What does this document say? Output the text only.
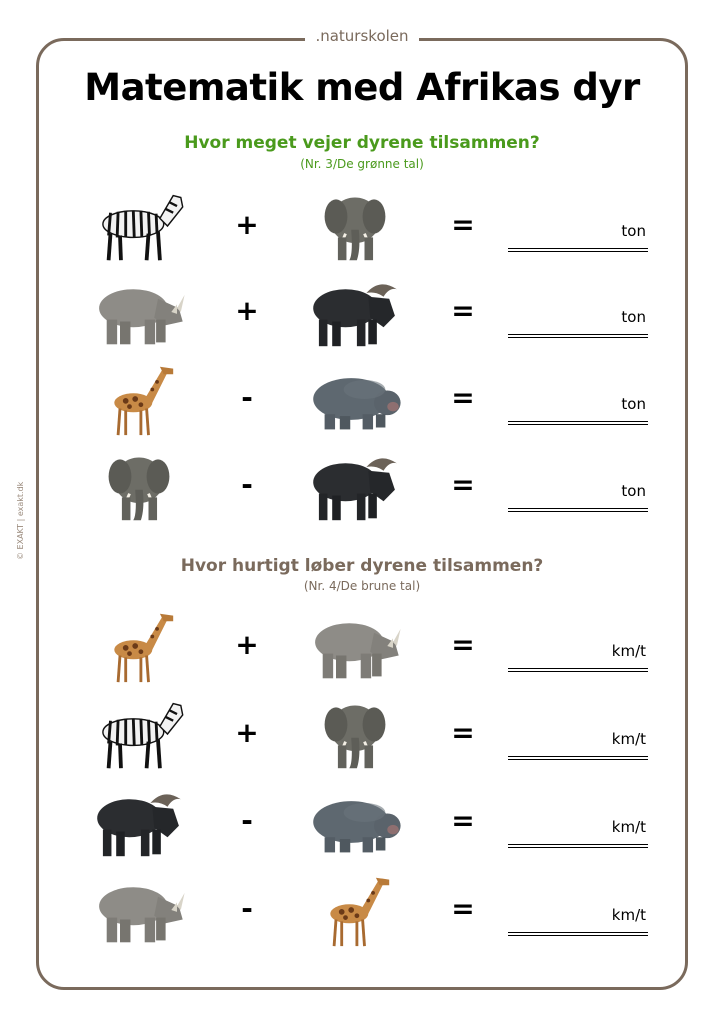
.naturskolen
Matematik med Afrikas dyr
© EXAKT | exakt.dk
Hvor meget vejer dyrene tilsammen?
(Nr. 3/De grønne tal)
+	=	ton
+	=	ton
-	=	ton
-	=	ton
Hvor hurtigt løber dyrene tilsammen?
(Nr. 4/De brune tal)
+	=	km/t
+	=	km/t
-	=	km/t
-	=	km/t
